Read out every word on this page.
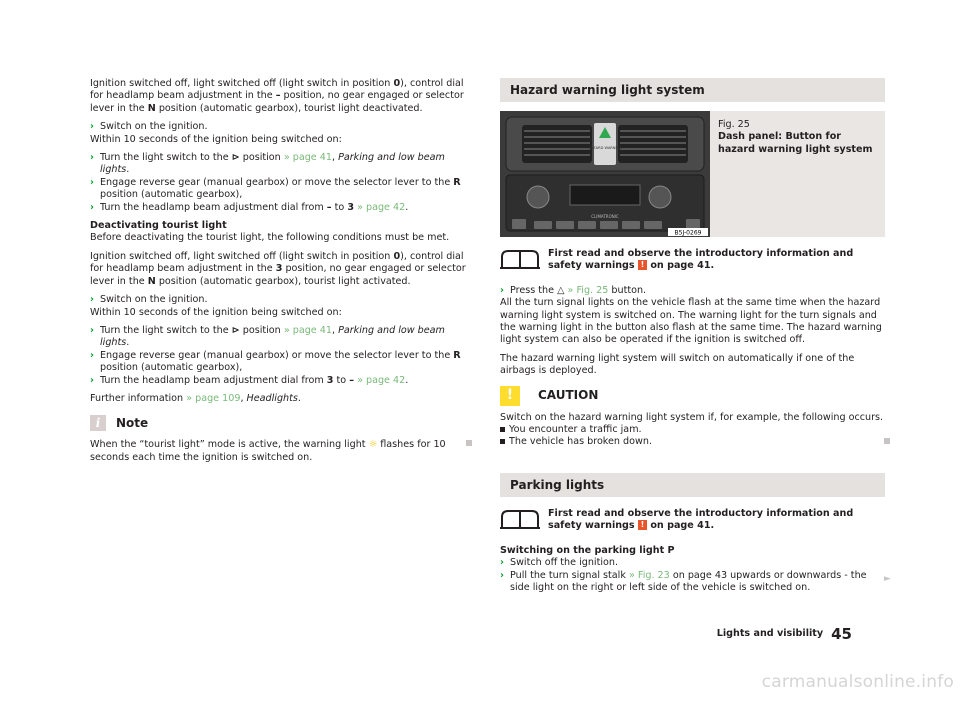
Ignition switched off, light switched off (light switch in position 0), control dial for headlamp beam adjustment in the – position, no gear engaged or selector lever in the N position (automatic gearbox), tourist light deactivated.

› Switch on the ignition.

Within 10 seconds of the ignition being switched on:

› Turn the light switch to the ⊳ position » page 41, Parking and low beam lights.
› Engage reverse gear (manual gearbox) or move the selector lever to the R position (automatic gearbox),
› Turn the headlamp beam adjustment dial from – to 3 » page 42.
Deactivating tourist light

Before deactivating the tourist light, the following conditions must be met.

Ignition switched off, light switched off (light switch in position 0), control dial for headlamp beam adjustment in the 3 position, no gear engaged or selector lever in the N position (automatic gearbox), tourist light activated.

› Switch on the ignition.

Within 10 seconds of the ignition being switched on:

› Turn the light switch to the ⊳ position » page 41, Parking and low beam lights.
› Engage reverse gear (manual gearbox) or move the selector lever to the R position (automatic gearbox),
› Turn the headlamp beam adjustment dial from 3 to – » page 42.

Further information » page 109, Headlights.

i	Note

When the “tourist light” mode is active, the warning light ☼ flashes for 10 seconds each time the ignition is switched on.

Hazard warning light system
HAZARD WARNING
CLIMATRONIC
B5J-0269
Fig. 25
Dash panel: Button for hazard warning light system
First read and observe the introductory information and safety warnings ! on page 41.

› Press the △ » Fig. 25 button.

All the turn signal lights on the vehicle flash at the same time when the hazard warning light system is switched on. The warning light for the turn signals and the warning light in the button also flash at the same time. The hazard warning light system can also be operated if the ignition is switched off.

The hazard warning light system will switch on automatically if one of the airbags is deployed.

!	CAUTION
Switch on the hazard warning light system if, for example, the following occurs.
You encounter a traffic jam.
The vehicle has broken down.
Parking lights
First read and observe the introductory information and safety warnings ! on page 41.
Switching on the parking light P
› Switch off the ignition.
› Pull the turn signal stalk » Fig. 23 on page 43 upwards or downwards - the side light on the right or left side of the vehicle is switched on.
►
Lights and visibility 45
carmanualsonline.info
